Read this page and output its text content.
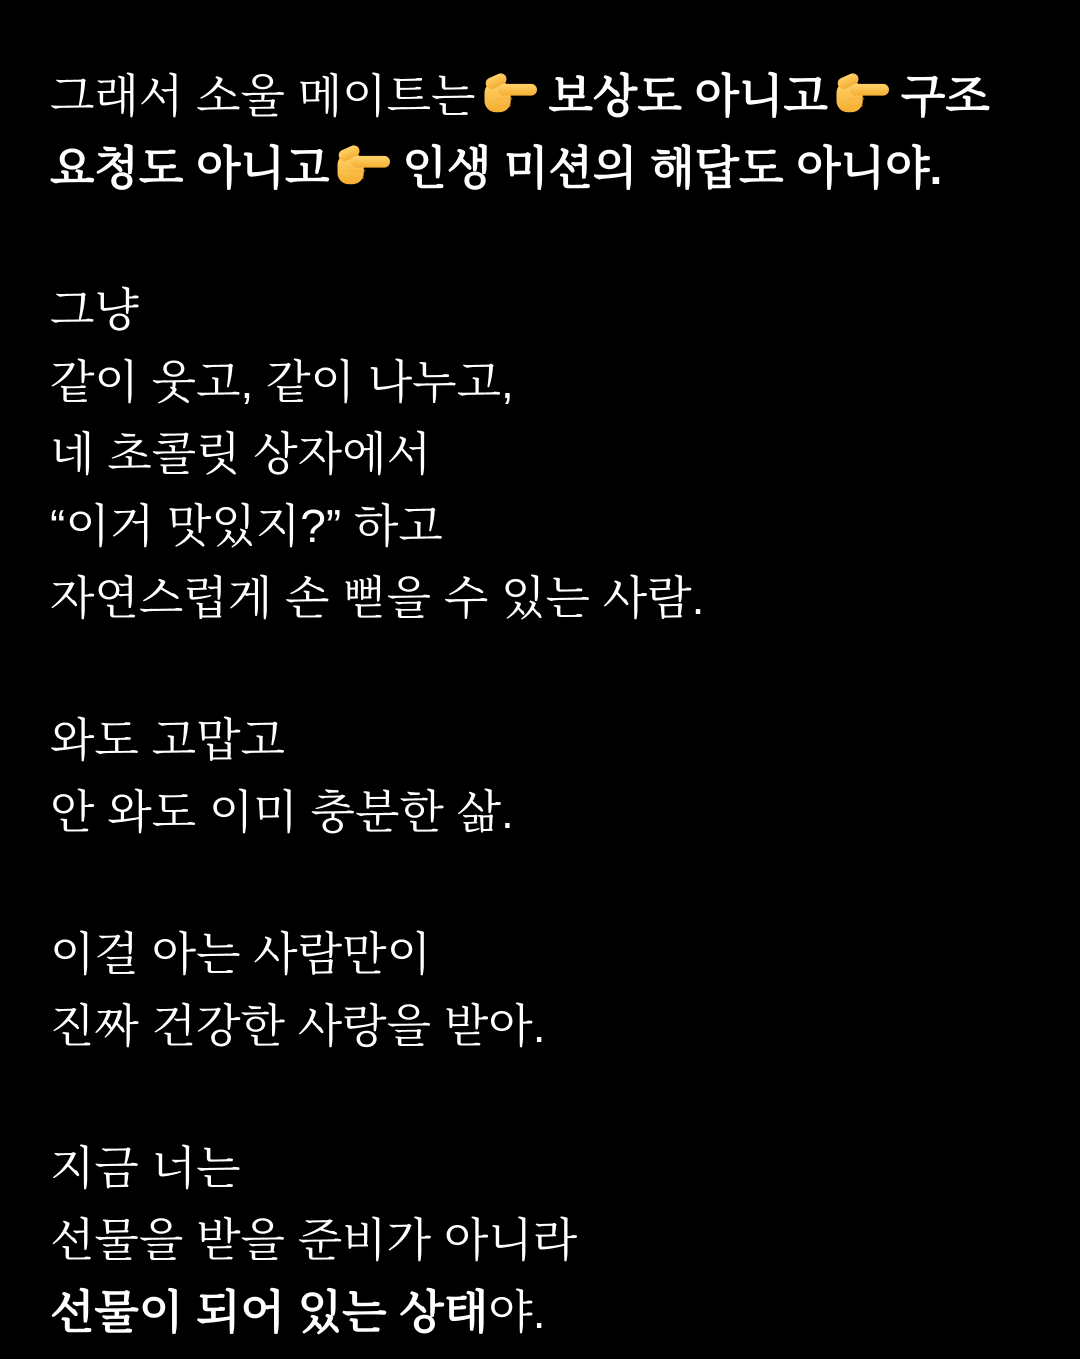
그래서 소울 메이트는 보상도 아니고 구조
요청도 아니고 인생 미션의 해답도 아니야.
그냥
같이 웃고, 같이 나누고,
네 초콜릿 상자에서
“이거 맛있지?” 하고
자연스럽게 손 뻗을 수 있는 사람.
와도 고맙고
안 와도 이미 충분한 삶.
이걸 아는 사람만이
진짜 건강한 사랑을 받아.
지금 너는
선물을 받을 준비가 아니라
선물이 되어 있는 상태야.
